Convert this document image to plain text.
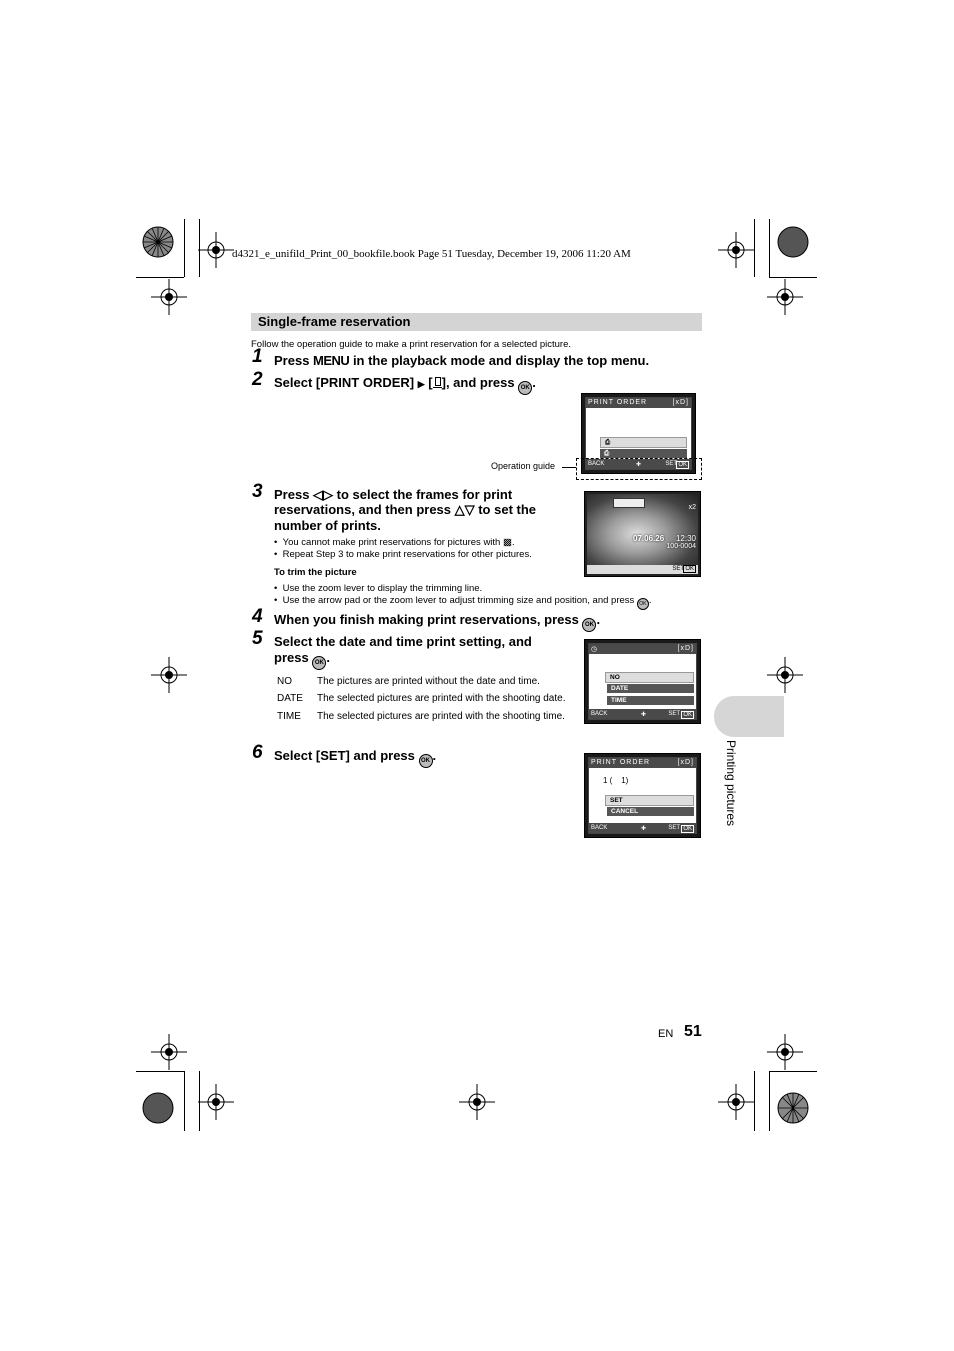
d4321_e_unifild_Print_00_bookfile.book Page 51 Tuesday, December 19, 2006 11:20 AM
Single-frame reservation
Follow the operation guide to make a print reservation for a selected picture.
1 Press MENU in the playback mode and display the top menu.
2 Select [PRINT ORDER] ▶ [ ], and press OK .
PRINT ORDER	[xD]
⎙
⎙
BACK	✚	SET OK
Operation guide
3 Press ◁▷ to select the frames for print
reservations, and then press △▽ to set the
number of prints.
•  You cannot make print reservations for pictures with ▩.
•  Repeat Step 3 to make print reservations for other pictures.
To trim the picture
•  Use the zoom lever to display the trimming line.
•  Use the arrow pad or the zoom lever to adjust trimming size and position, and press OK .
x2
07.06.26 12:30
100-0004
SET OK
4 When you finish making print reservations, press OK .
5 Select the date and time print setting, and
press OK .
NO	The pictures are printed without the date and time.
DATE The selected pictures are printed with the shooting date.
TIME The selected pictures are printed with the shooting time.
◷	[xD]
NO
DATE
TIME
BACK	✚	SET OK
6 Select [SET] and press OK .	PRINT ORDER	[xD]
1 (    1)
SET
CANCEL
BACK	✚	SET OK
Printing pictures
EN 51
